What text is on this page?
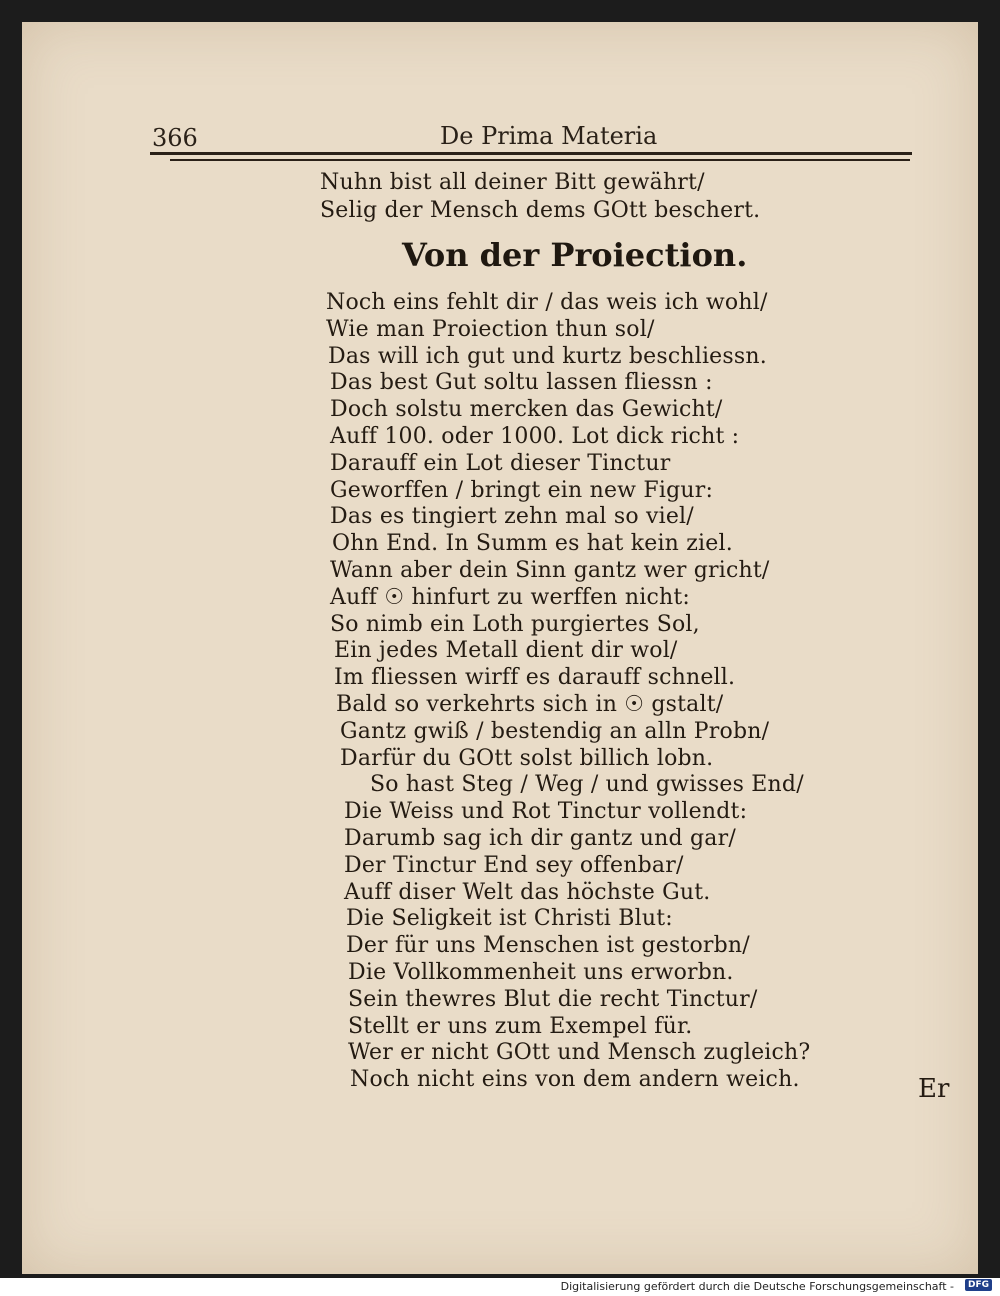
366	De Prima Materia
Nuhn bist all deiner Bitt gewährt/
Selig der Mensch dems GOtt beschert.
Von der Proiection.
Noch eins fehlt dir / das weis ich wohl/
Wie man Proiection thun sol/
Das will ich gut und kurtz beschliessn.
Das best Gut soltu lassen fliessn :
Doch solstu mercken das Gewicht/
Auff 100. oder 1000. Lot dick richt :
Darauff ein Lot dieser Tinctur
Geworffen / bringt ein new Figur:
Das es tingiert zehn mal so viel/
Ohn End. In Summ es hat kein ziel.
Wann aber dein Sinn gantz wer gricht/
Auff ☉ hinfurt zu werffen nicht:
So nimb ein Loth purgiertes Sol,
Ein jedes Metall dient dir wol/
Im fliessen wirff es darauff schnell.
Bald so verkehrts sich in ☉ gstalt/
Gantz gwiß / bestendig an alln Probn/
Darfür du GOtt solst billich lobn.
So hast Steg / Weg / und gwisses End/
Die Weiss und Rot Tinctur vollendt:
Darumb sag ich dir gantz und gar/
Der Tinctur End sey offenbar/
Auff diser Welt das höchste Gut.
Die Seligkeit ist Christi Blut:
Der für uns Menschen ist gestorbn/
Die Vollkommenheit uns erworbn.
Sein thewres Blut die recht Tinctur/
Stellt er uns zum Exempel für.
Wer er nicht GOtt und Mensch zugleich?
Noch nicht eins von dem andern weich.	Er
Digitalisierung gefördert durch die Deutsche Forschungsgemeinschaft -	DFG
